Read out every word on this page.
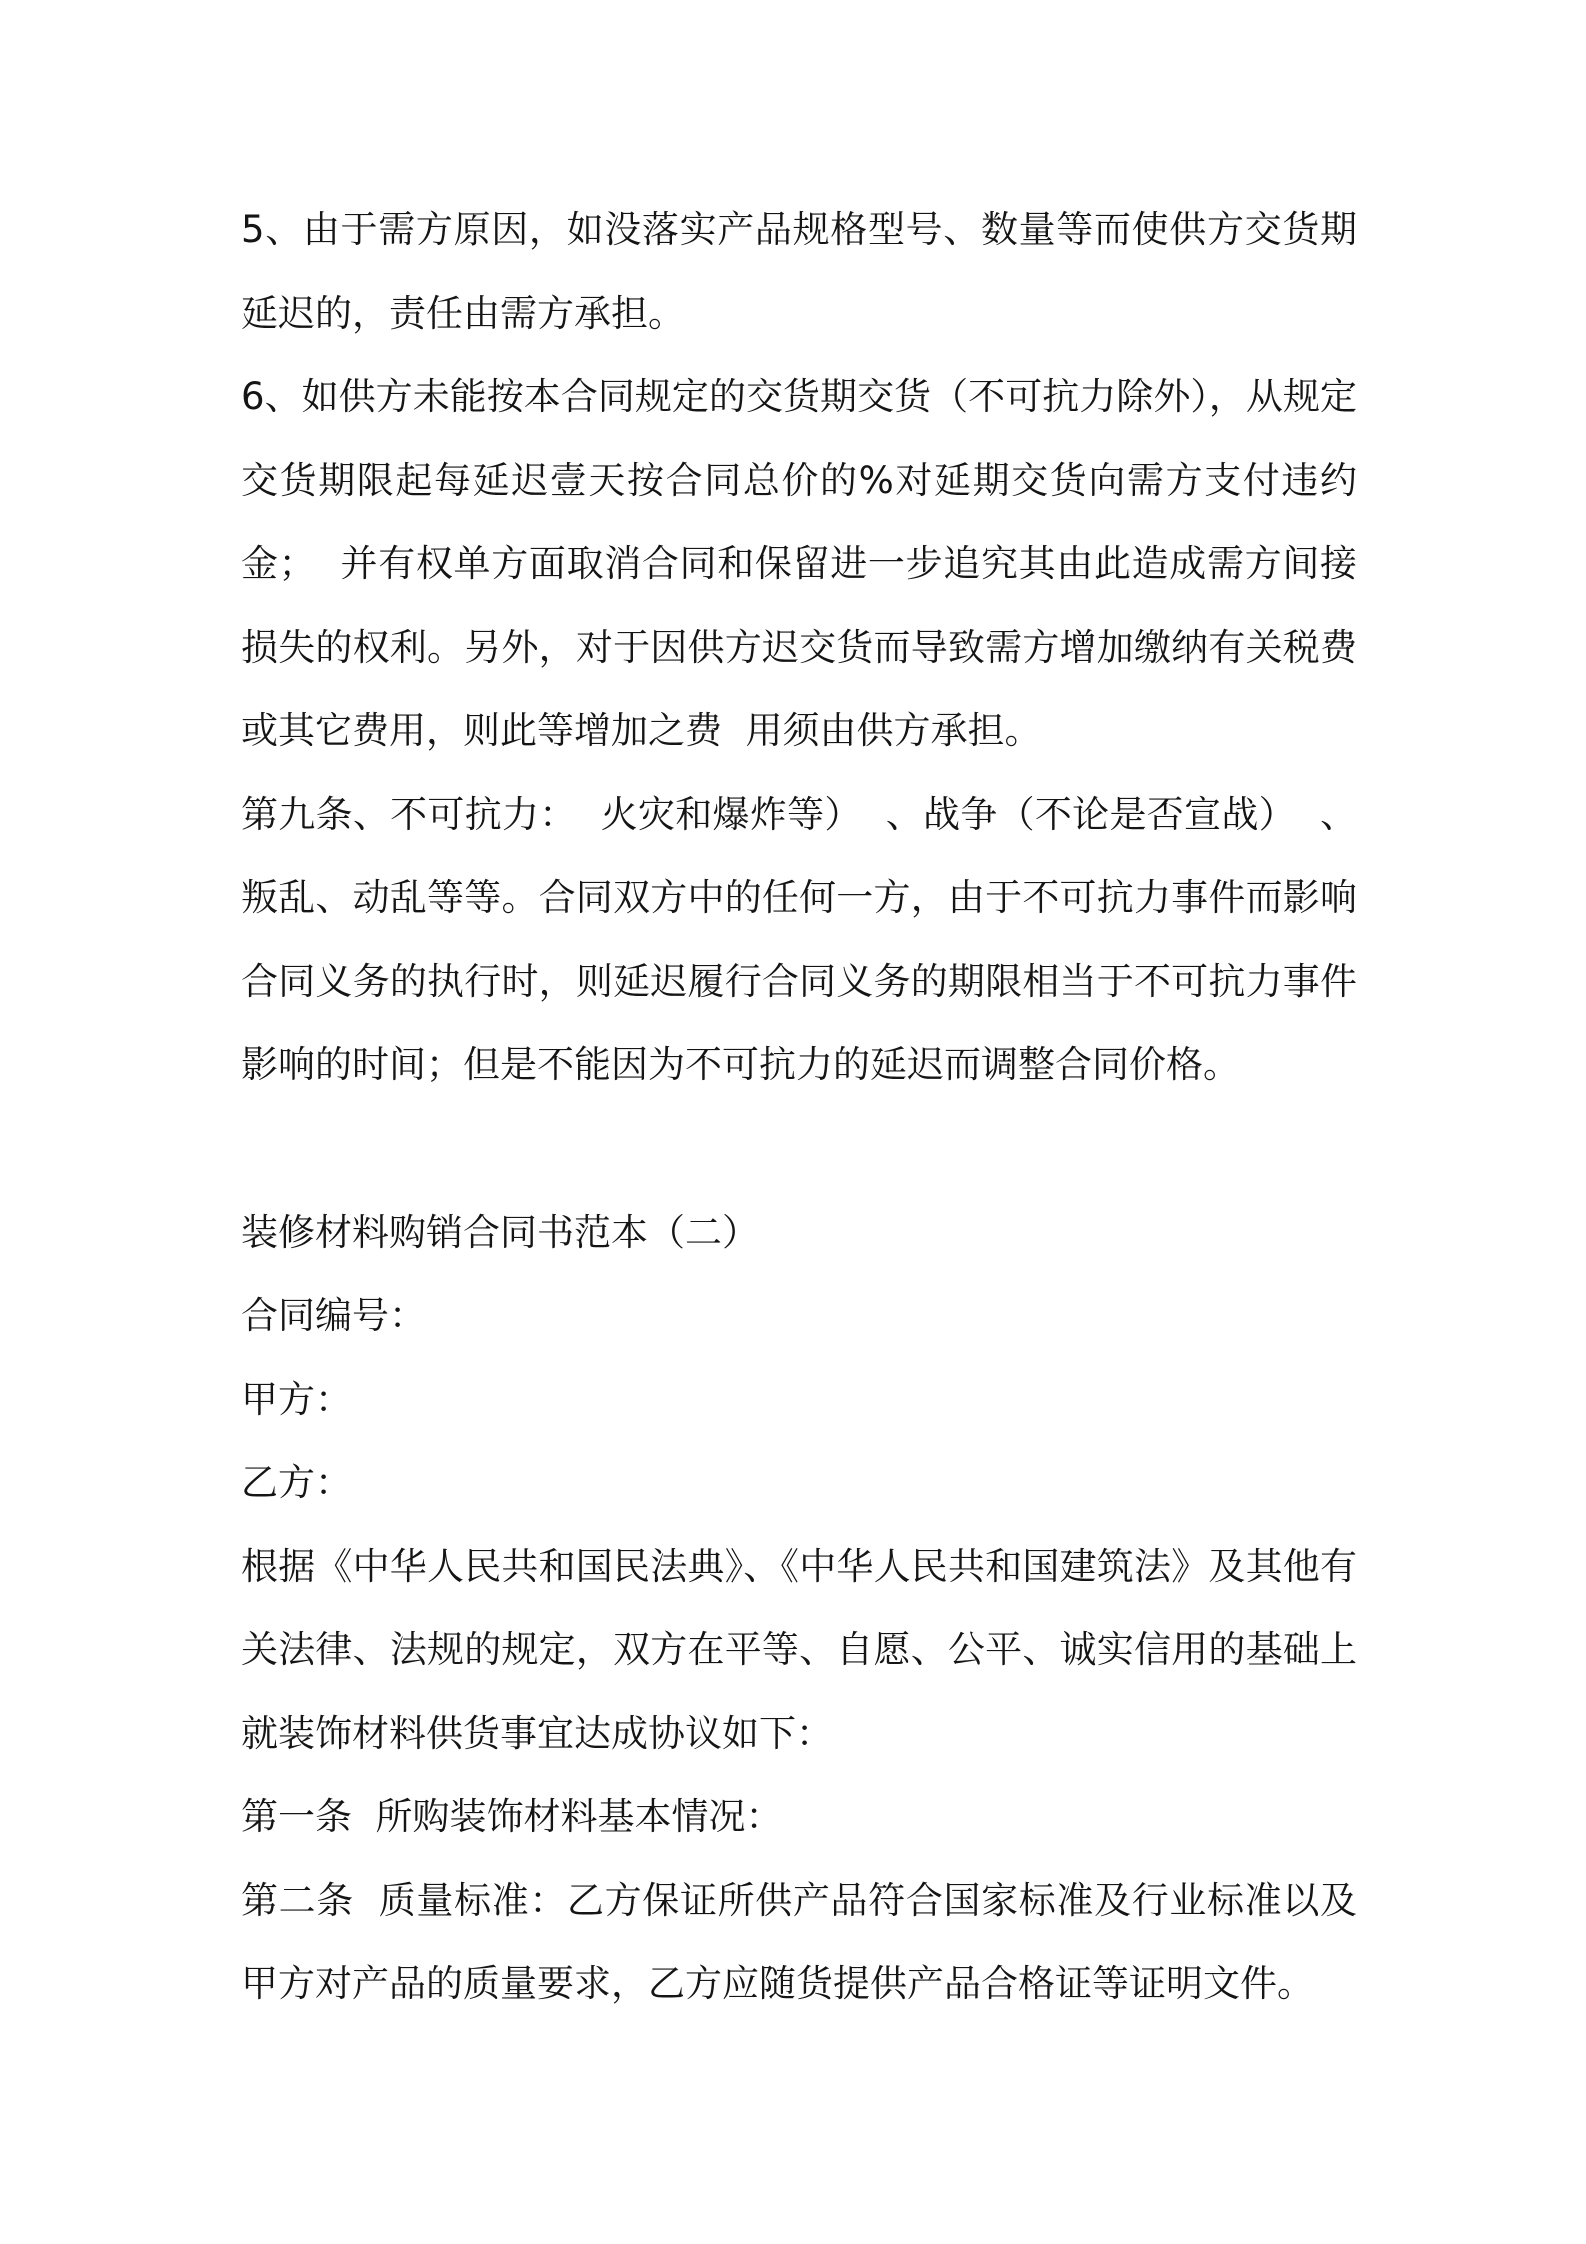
5、由于需方原因，如没落实产品规格型号、数量等而使供方交货期延迟的，责任由需方承担。

6、如供方未能按本合同规定的交货期交货（不可抗力除外），从规定交货期限起每延迟壹天按合同总价的%对延期交货向需方支付违约金；  并有权单方面取消合同和保留进一步追究其由此造成需方间接损失的权利。另外，对于因供方迟交货而导致需方增加缴纳有关税费或其它费用，则此等增加之费  用须由供方承担。

第九条、不可抗力：  火灾和爆炸等）  、战争（不论是否宣战）  、叛乱、动乱等等。合同双方中的任何一方，由于不可抗力事件而影响合同义务的执行时，则延迟履行合同义务的期限相当于不可抗力事件影响的时间；但是不能因为不可抗力的延迟而调整合同价格。

装修材料购销合同书范本（二）

合同编号：

甲方：

乙方：

根据《中华人民共和国民法典》、《中华人民共和国建筑法》及其他有关法律、法规的规定，双方在平等、自愿、公平、诚实信用的基础上就装饰材料供货事宜达成协议如下：

第一条  所购装饰材料基本情况：

第二条  质量标准：乙方保证所供产品符合国家标准及行业标准以及甲方对产品的质量要求，乙方应随货提供产品合格证等证明文件。
